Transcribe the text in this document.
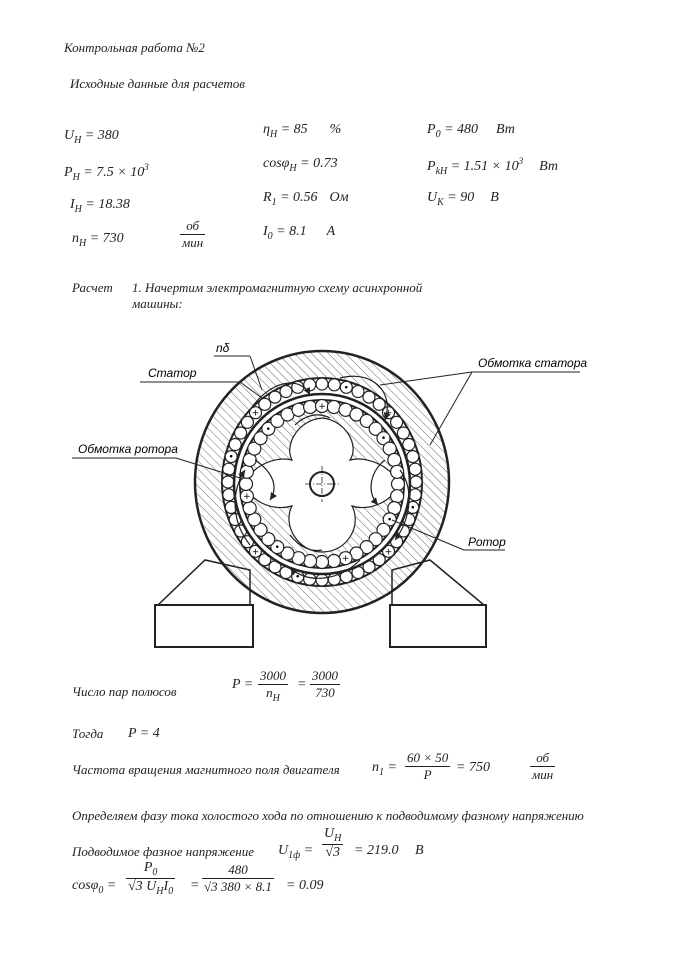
Контрольная работа №2
Исходные данные для расчетов
$U_H = 380$
$P_H = 7.5 \times 10^3$
$I_H = 18.38$
$n_H = 730$
об
мин
$\eta_H = 85$ %
cosφ$_H$ = 0.73
$R_1 = 0.56$ Ом
$I_0 = 8.1$ A
$P_0 = 480$ Вт
$P_{kH} = 1.51 \times 10^3$ Вт
$U_K = 90$ B
Расчет 1. Начертим электромагнитную схему асинхронной
машины:
•
+
•
+
•
+
•
+
•
+
•
+
•
+
•
Статор
nδ
Обмотка статора
Обмотка ротора
Ротор
Число пар полюсов	$P = \frac{3000}{n_H} = \frac{3000}{730}$
Тогда P = 4
Частота вращения магнитного поля двигателя $n_1 = \frac{60 \times 50}{P} = 750$
об
мин
Определяем фазу тока холостого хода по отношению к подводимому фазному напряжению
Подводимое фазное напряжение $U_{1ф} = \frac{U_H}{√3} = 219.0$ В
cosφ$_0$ =
$P_0$
√3 $U_HI_0 = \frac{480}{√3 380 \times 8.1} = 0.09$
